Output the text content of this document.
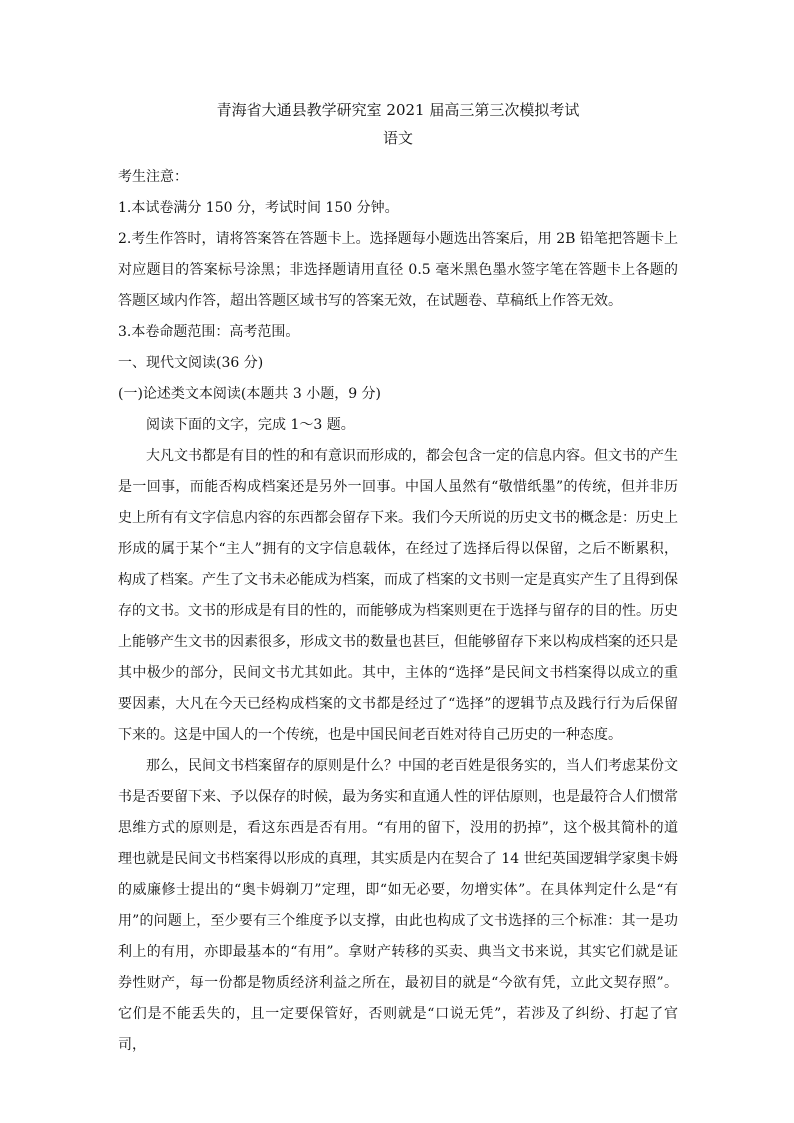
青海省大通县教学研究室 2021 届高三第三次模拟考试
语文

考生注意：

1.本试卷满分 150 分，考试时间 150 分钟。

2.考生作答时，请将答案答在答题卡上。选择题每小题选出答案后，用 2B 铅笔把答题卡上对应题目的答案标号涂黑；非选择题请用直径 0.5 毫米黑色墨水签字笔在答题卡上各题的答题区域内作答，超出答题区域书写的答案无效，在试题卷、草稿纸上作答无效。

3.本卷命题范围：高考范围。

一、现代文阅读(36 分)

(一)论述类文本阅读(本题共 3 小题，9 分)

阅读下面的文字，完成 1～3 题。

大凡文书都是有目的性的和有意识而形成的，都会包含一定的信息内容。但文书的产生是一回事，而能否构成档案还是另外一回事。中国人虽然有“敬惜纸墨”的传统，但并非历史上所有有文字信息内容的东西都会留存下来。我们今天所说的历史文书的概念是：历史上形成的属于某个“主人”拥有的文字信息载体，在经过了选择后得以保留，之后不断累积，构成了档案。产生了文书未必能成为档案，而成了档案的文书则一定是真实产生了且得到保存的文书。文书的形成是有目的性的，而能够成为档案则更在于选择与留存的目的性。历史上能够产生文书的因素很多，形成文书的数量也甚巨，但能够留存下来以构成档案的还只是其中极少的部分，民间文书尤其如此。其中，主体的“选择”是民间文书档案得以成立的重要因素，大凡在今天已经构成档案的文书都是经过了“选择”的逻辑节点及践行行为后保留下来的。这是中国人的一个传统，也是中国民间老百姓对待自己历史的一种态度。

那么，民间文书档案留存的原则是什么？中国的老百姓是很务实的，当人们考虑某份文书是否要留下来、予以保存的时候，最为务实和直通人性的评估原则，也是最符合人们惯常思维方式的原则是，看这东西是否有用。“有用的留下，没用的扔掉”，这个极其简朴的道理也就是民间文书档案得以形成的真理，其实质是内在契合了 14 世纪英国逻辑学家奥卡姆的威廉修士提出的“奥卡姆剃刀”定理，即“如无必要，勿增实体”。在具体判定什么是“有用”的问题上，至少要有三个维度予以支撑，由此也构成了文书选择的三个标准：其一是功利上的有用，亦即最基本的“有用”。拿财产转移的买卖、典当文书来说，其实它们就是证券性财产，每一份都是物质经济利益之所在，最初目的就是“今欲有凭，立此文契存照”。它们是不能丢失的，且一定要保管好，否则就是“口说无凭”，若涉及了纠纷、打起了官司，
